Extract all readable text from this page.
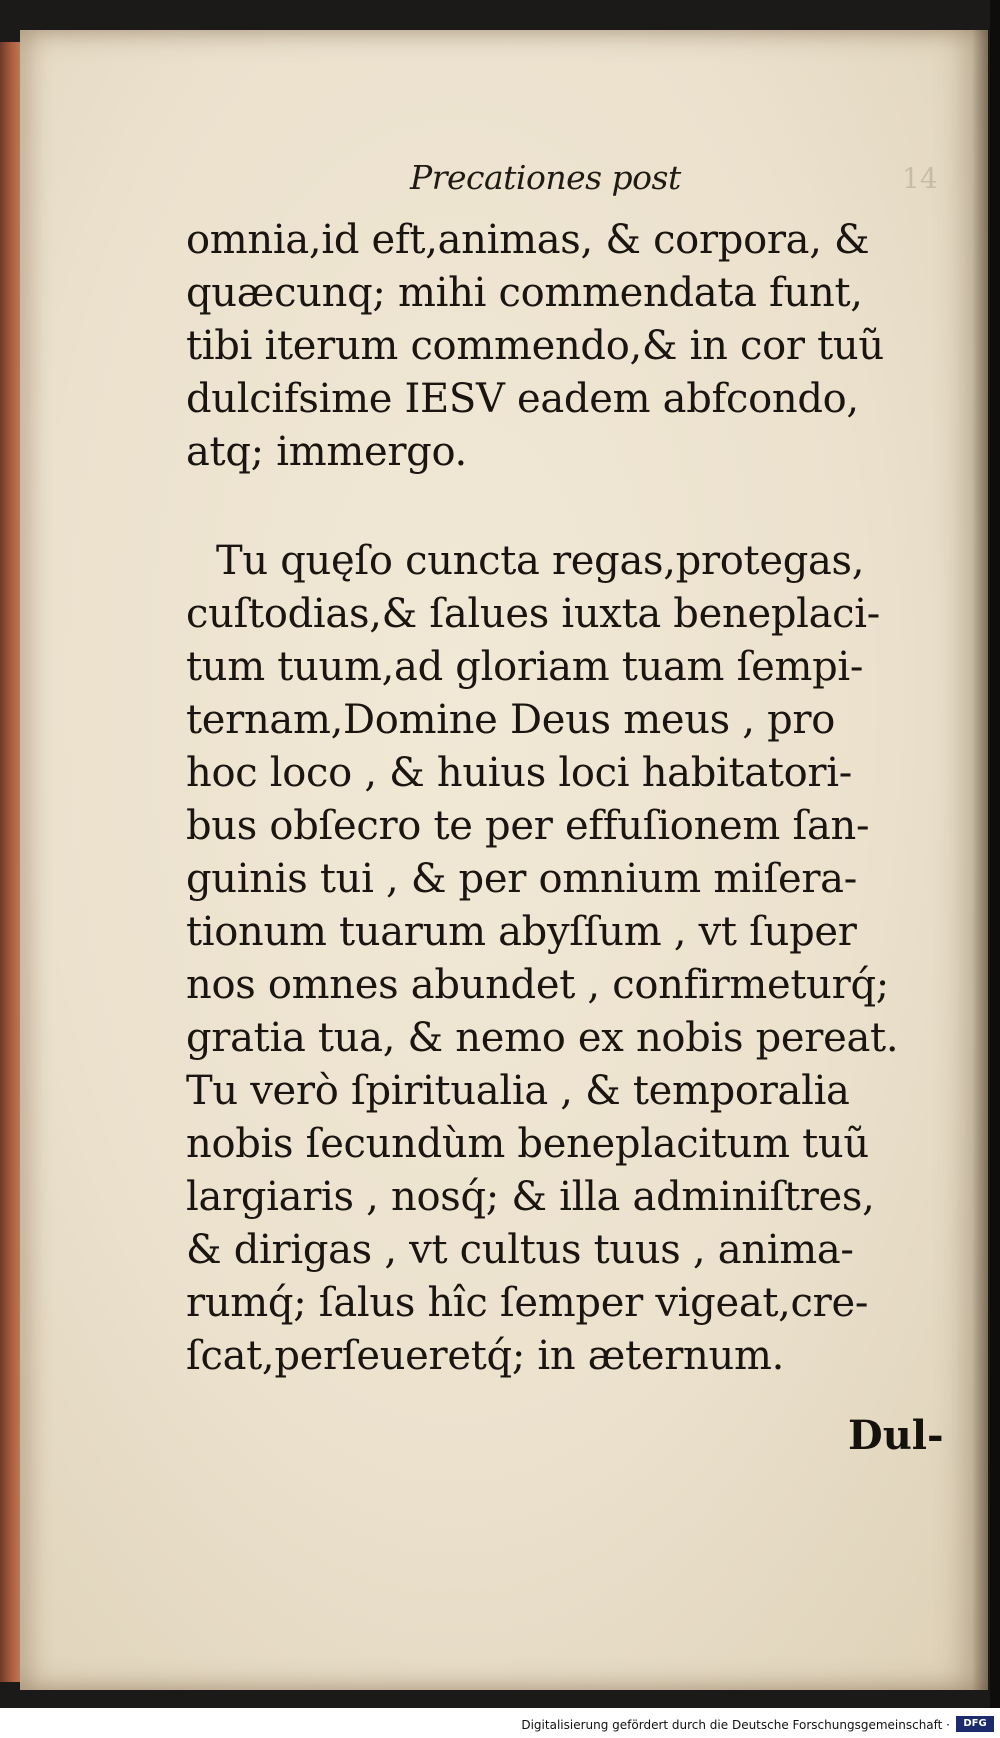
Precationes post	14
omnia,id eft,animas, & corpora, &
quæcunq; mihi commendata funt,
tibi iterum commendo,& in cor tuũ
dulcifsime IESV eadem abfcondo,
atq; immergo.
Tu quęſo cuncta regas,protegas,
cuſtodias,& ſalues iuxta beneplaci-
tum tuum,ad gloriam tuam ſempi-
ternam,Domine Deus meus , pro
hoc loco , & huius loci habitatori-
bus obſecro te per effuſionem ſan-
guinis tui , & per omnium miſera-
tionum tuarum abyſſum , vt ſuper
nos omnes abundet , confirmeturq́;
gratia tua, & nemo ex nobis pereat.
Tu verò ſpiritualia , & temporalia
nobis ſecundùm beneplacitum tuũ
largiaris , nosq́; & illa adminiſtres,
& dirigas , vt cultus tuus , anima-
rumq́; ſalus hîc ſemper vigeat,cre-
ſcat,perſeueretq́; in æternum.
Dul-
Digitalisierung gefördert durch die Deutsche Forschungsgemeinschaft ·	DFG
